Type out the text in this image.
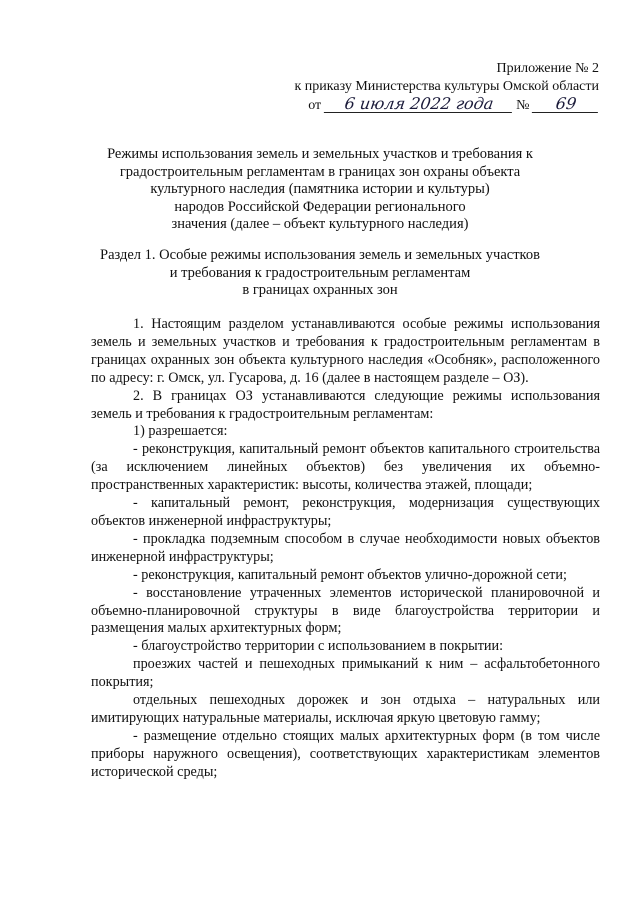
Приложение № 2
к приказу Министерства культуры Омской области
от 6 июля 2022 года № 69
Режимы использования земель и земельных участков и требования к
градостроительным регламентам в границах зон охраны объекта
культурного наследия (памятника истории и культуры)
народов Российской Федерации регионального
значения (далее – объект культурного наследия)
Раздел 1. Особые режимы использования земель и земельных участков
и требования к градостроительным регламентам
в границах охранных зон

1. Настоящим разделом устанавливаются особые режимы использования земель и земельных участков и требования к градостроительным регламентам в границах охранных зон объекта культурного наследия «Особняк», расположенного по адресу: г. Омск, ул. Гусарова, д. 16 (далее в настоящем разделе – ОЗ).

2. В границах ОЗ устанавливаются следующие режимы использования земель и требования к градостроительным регламентам:

1) разрешается:

- реконструкция, капитальный ремонт объектов капитального строительства (за исключением линейных объектов) без увеличения их объемно-пространственных характеристик: высоты, количества этажей, площади;

- капитальный ремонт, реконструкция, модернизация существующих объектов инженерной инфраструктуры;

- прокладка подземным способом в случае необходимости новых объектов инженерной инфраструктуры;

- реконструкция, капитальный ремонт объектов улично-дорожной сети;

- восстановление утраченных элементов исторической планировочной и объемно-планировочной структуры в виде благоустройства территории и размещения малых архитектурных форм;

- благоустройство территории с использованием в покрытии:

проезжих частей и пешеходных примыканий к ним – асфальтобетонного покрытия;

отдельных пешеходных дорожек и зон отдыха – натуральных или имитирующих натуральные материалы, исключая яркую цветовую гамму;

- размещение отдельно стоящих малых архитектурных форм (в том числе приборы наружного освещения), соответствующих характеристикам элементов исторической среды;
